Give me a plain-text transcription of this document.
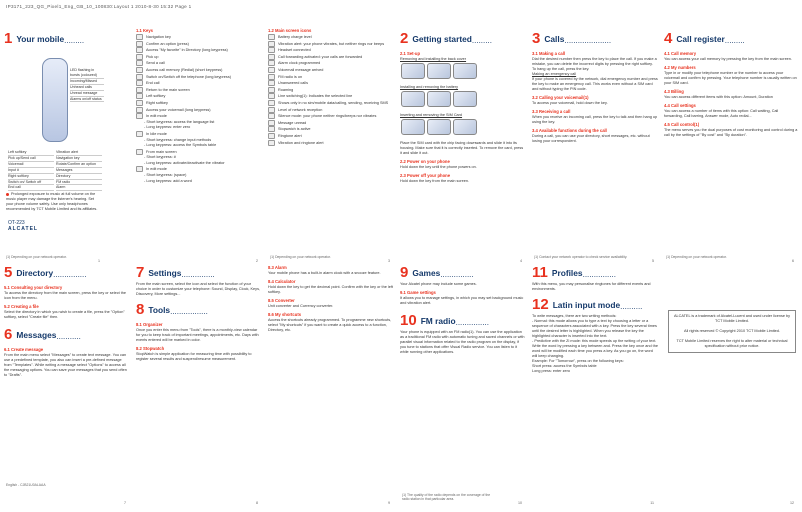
IP3171_223_QG_Pixel1_Eng_GB_10_100830:Layout 1 2010-8-30 15:32 Page 1
1 Your mobile.........
LED flashing in bursts (coloured)
Incoming/Missed
Unheard calls
Unread message
Alarms on/off status
Left softkey
Pick up/Send call
Voicemail
Input #
Right softkey
Switch on/ Switch off
End call
Vibration alert
Navigation key
Rotate/Confirm an option
Messages
Directory
FM radio
Alarm
Prolonged exposure to music at full volume on the music player may damage the listener's hearing. Set your phone volume safely. Use only headphones recommended by TCT Mobile Limited and its affiliates.
OT-223
ALCATEL
(1) Depending on your network operator.
1
1.1 Keys
Navigation key
Confirm an option (press)
Access "My favorite" in Directory (long keypress)
Pick up
Send a call
Access call memory (Redial) (short keypress)
Switch on/Switch off the telephone (long keypress)
End call
Return to the main screen
Left softkey
Right softkey
Access your voicemail (long keypress)
In edit mode
- Short keypress: access the language list
- Long keypress: enter zero
In Idle mode
- Short keypress: change input methods
- Long keypress: access the Symbols table
From main screen
- Short keypress: #
- Long keypress: activate/deactivate the vibrator
In edit mode
- Short keypress: (space)
- Long keypress: add a word
2
1.2 Main screen icons
Battery charge level
Vibration alert: your phone vibrates, but neither rings nor beeps
Headset connected
Call forwarding activated: your calls are forwarded
Alarm clock programmed
Voicemail message arrived
FM radio is on
Unanswered calls
Roaming
Line switching(1): Indicates the selected line
Shows only in no sim/mobile data/calling, sending, receiving SMS
Level of network reception
Silence mode: your phone neither rings/beeps nor vibrates
Message unread
Stopwatch is active
Ringtone alert
Vibration and ringtone alert
(1) Depending on your network operator.
3
2 Getting started.........
2.1 Set-up
Removing and installing the back cover
Installing and removing the battery
Inserting and removing the SIM Card

Place the SIM card with the chip facing downwards and slide it into its housing. Make sure that it is correctly inserted. To remove the card, press it and slide it out.

2.2 Power on your phone

Hold down the key until the phone powers on.

2.3 Power off your phone

Hold down the key from the main screen.

4
3 Calls.....................
3.1 Making a call

Dial the desired number then press the key to place the call. If you make a mistake, you can delete the incorrect digits by pressing the right softkey.

To hang up the call, press the key.

Making an emergency call

If your phone is covered by the network, dial emergency number and press the key to make an emergency call. This works even without a SIM card and without typing the PIN code.

3.2 Calling your voicemail(1)

To access your voicemail, hold down the key.

3.3 Receiving a call

When you receive an incoming call, press the key to talk and then hang up using the key.

3.4 Available functions during the call

During a call, you can use your directory, short messages, etc. without losing your correspondent.

(1) Contact your network operator to check service availability.
5
4 Call register.........
4.1 Call memory

You can access your call memory by pressing the key from the main screen.

4.2 My numbers

Type in or modify your telephone number or the number to access your voicemail and confirm by pressing. Your telephone number is usually written on your SIM card.

4.3 Billing

You can access different items with this option: Amount, Duration

4.4 Call settings

You can access a number of items with this option: Call waiting, Call forwarding, Call barring, Answer mode, Auto redial...

4.5 Call control(1)

The menu serves you the dual purposes of cost monitoring and control during a call by the settings of "By cost" and "By duration".

(1) Depending on your network operator.
6
5 Directory...............
5.1 Consulting your directory

To access the directory from the main screen, press the key or select the icon from the menu.

5.2 Creating a file

Select the directory in which you wish to create a file, press the "Option" softkey, select "Create file" then.

6 Messages...........
6.1 Create message

From the main menu select "Messages" to create text message. You can use a predefined template, you also can insert a pre-defined message from "Templates". While writing a message select "Options" to access all the messaging options. You can save your messages that you send often to "Drafts".

English - CJB21U0ALAAA
7
7 Settings...............

From the main screen, select the icon and select the function of your choice in order to customize your telephone: Sound, Display, Clock, Keys, Discovery, More settings...

8 Tools.................
8.1 Organizer

Once you enter this menu from "Tools", there is a monthly-view calendar for you to keep track of important meetings, appointments, etc. Days with events entered will be marked in color.

8.2 Stopwatch

StopWatch is simple application for measuring time with possibility to register several results and suspend/resume measurement.

8
8.3 Alarm

Your mobile phone has a built-in alarm clock with a snooze feature.

8.4 Calculator

Hold down the key to get the decimal point. Confirm with the key or the left softkey.

8.5 Converter

Unit converter and Currency converter.

8.6 My shortcuts

Access the shortcuts already programmed. To programme new shortcuts, select "My shortcuts" if you want to create a quick access to a function, Directory, etc.

9
9 Games...............

Your Alcatel phone may include some games.

9.1 Game settings

It allows you to manage settings, in which you may set background music and vibration alert.

10 FM radio...............

Your phone is equipped with an FM radio(1). You can use the application as a traditional FM radio with automatic tuning and saved channels or with parallel visual information related to the radio program on the display, if you tune to stations that offer Visual Radio service. You can listen to it while running other applications.

(1) The quality of the radio depends on the coverage of the radio station in that particular area.
10
11 Profiles...............

With this menu, you may personalise ringtones for different events and environments.

12 Latin input mode..........

To write messages, there are two writing methods:
- Normal: this mode allows you to type a text by choosing a letter or a sequence of characters associated with a key. Press the key several times until the desired letter is highlighted. When you release the key the highlighted character is inserted into the text.
- Predictive with the Zi mode: this mode speeds up the writing of your text. Write the word by pressing a key between and. Press the key once and the word will be modified each time you press a key. As you go on, the word will keep changing.
Example: For "Tomorrow", press on the following keys:
Short press: access the Symbols table
Long press: enter zero

11
ALCATEL is a trademark of Alcatel-Lucent and used under license by TCT Mobile Limited.

All rights reserved © Copyright 2010 TCT Mobile Limited.

TCT Mobile Limited reserves the right to alter material or technical specification without prior notice.
12
